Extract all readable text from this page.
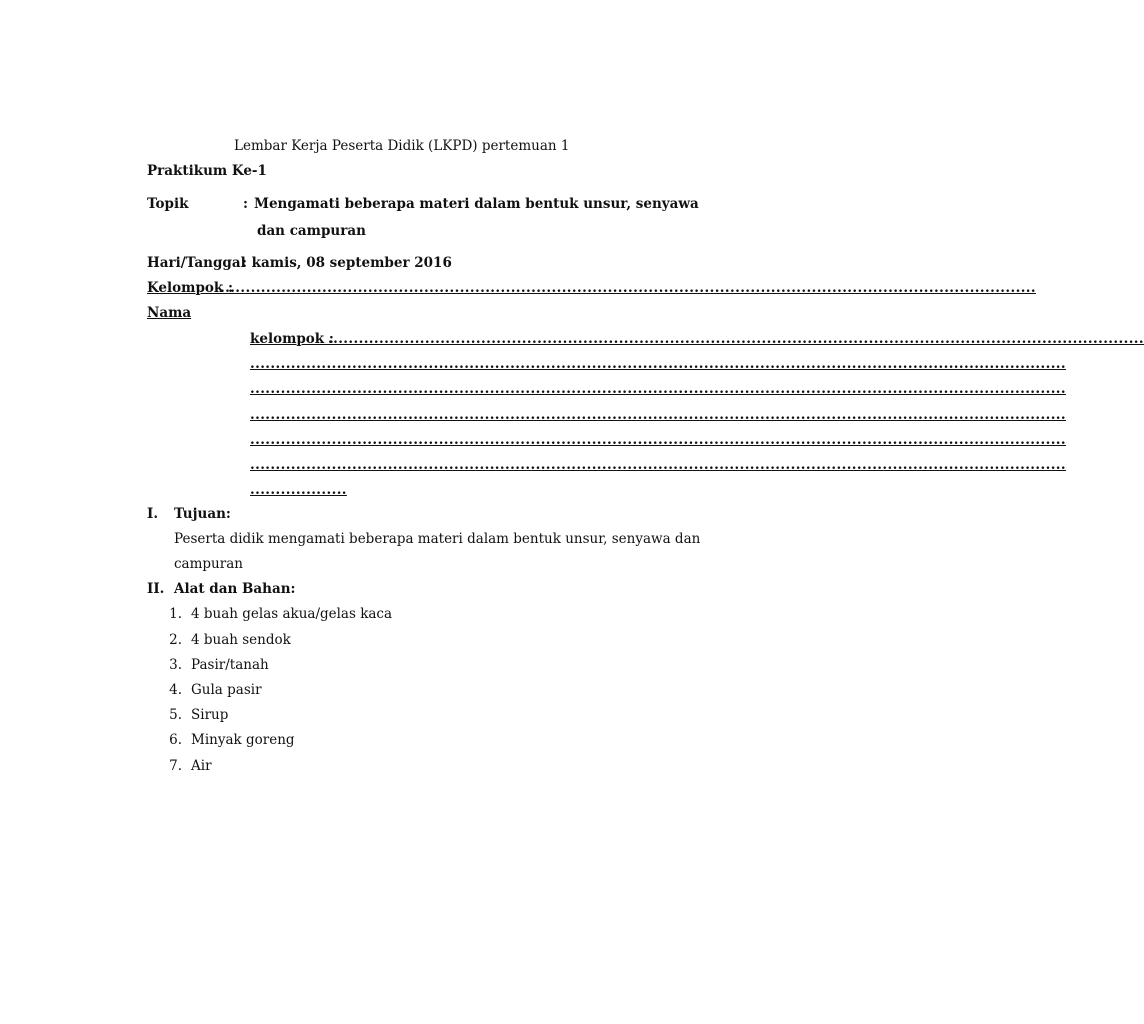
Lembar Kerja Peserta Didik (LKPD) pertemuan 1
Praktikum Ke-1
Topik	: Mengamati beberapa materi dalam bentuk unsur, senyawa
dan campuran
Hari/Tanggal
: kamis, 08 september 2016
Kelompok :
................................................................................................................................................................
Nama
kelompok :
................................................................................................................................................................
................................................................................................................................................................
................................................................................................................................................................
................................................................................................................................................................
................................................................................................................................................................
................................................................................................................................................................
...................
I. Tujuan:
Peserta didik mengamati beberapa materi dalam bentuk unsur, senyawa dan
campuran
II. Alat dan Bahan:
1. 4 buah gelas akua/gelas kaca
2. 4 buah sendok
3. Pasir/tanah
4. Gula pasir
5. Sirup
6. Minyak goreng
7. Air
